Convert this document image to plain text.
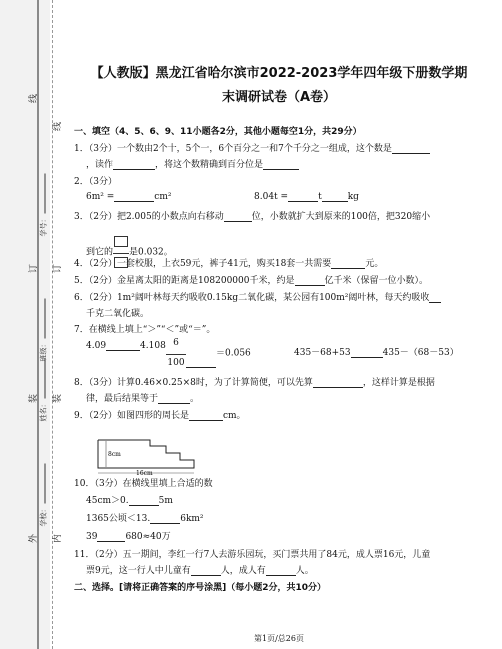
线
订
装
外
线
订
装
内
学号：
班级：
姓名：
学校：
【人教版】黑龙江省哈尔滨市2022-2023学年四年级下册数学期
末调研试卷（A卷）
一、填空（4、5、6、9、11小题各2分，其他小题每空1分，共29分）
1．（3分）一个数由2个十，5个一，6个百分之一和7个千分之一组成，这个数是
，读作	，将这个数精确到百分位是
2．（3分）
6m² =	cm²	8.04t =	t	kg
3．（2分）把2.005的小数点向右移动	位，小数就扩大到原来的100倍，把320缩小
到它的 是0.032。
4．（2分）一套校服，上衣59元，裤子41元，购买18套一共需要	元。
5．（2分）金星离太阳的距离是108200000千米，约是	亿千米（保留一位小数）。
6．（2分）1m²阔叶林每天约吸收0.15kg二氧化碳，某公园有100m²阔叶林，每天约吸收
千克二氧化碳。
7．在横线上填上“＞”“＜”或“＝”。
4.09	$4.108 \frac{6}{100}$	＝0.056	435－68+53	435－（68－53）
8．（3分）计算0.46×0.25×8时，为了计算简便，可以先算	，这样计算是根据
律，最后结果等于	。
9．（2分）如图四形的周长是	cm。
8cm
16cm
10．（3分）在横线里填上合适的数
45cm＞0.	5m
1365公顷＜13.	6km²
39	680≈40万
11．（2分）五一期间，李红一行7人去游乐园玩，买门票共用了84元，成人票16元，儿童
票9元，这一行人中儿童有	人，成人有	人。
二、选择。[请将正确答案的序号涂黑]（每小题2分，共10分）
第1页/总26页
